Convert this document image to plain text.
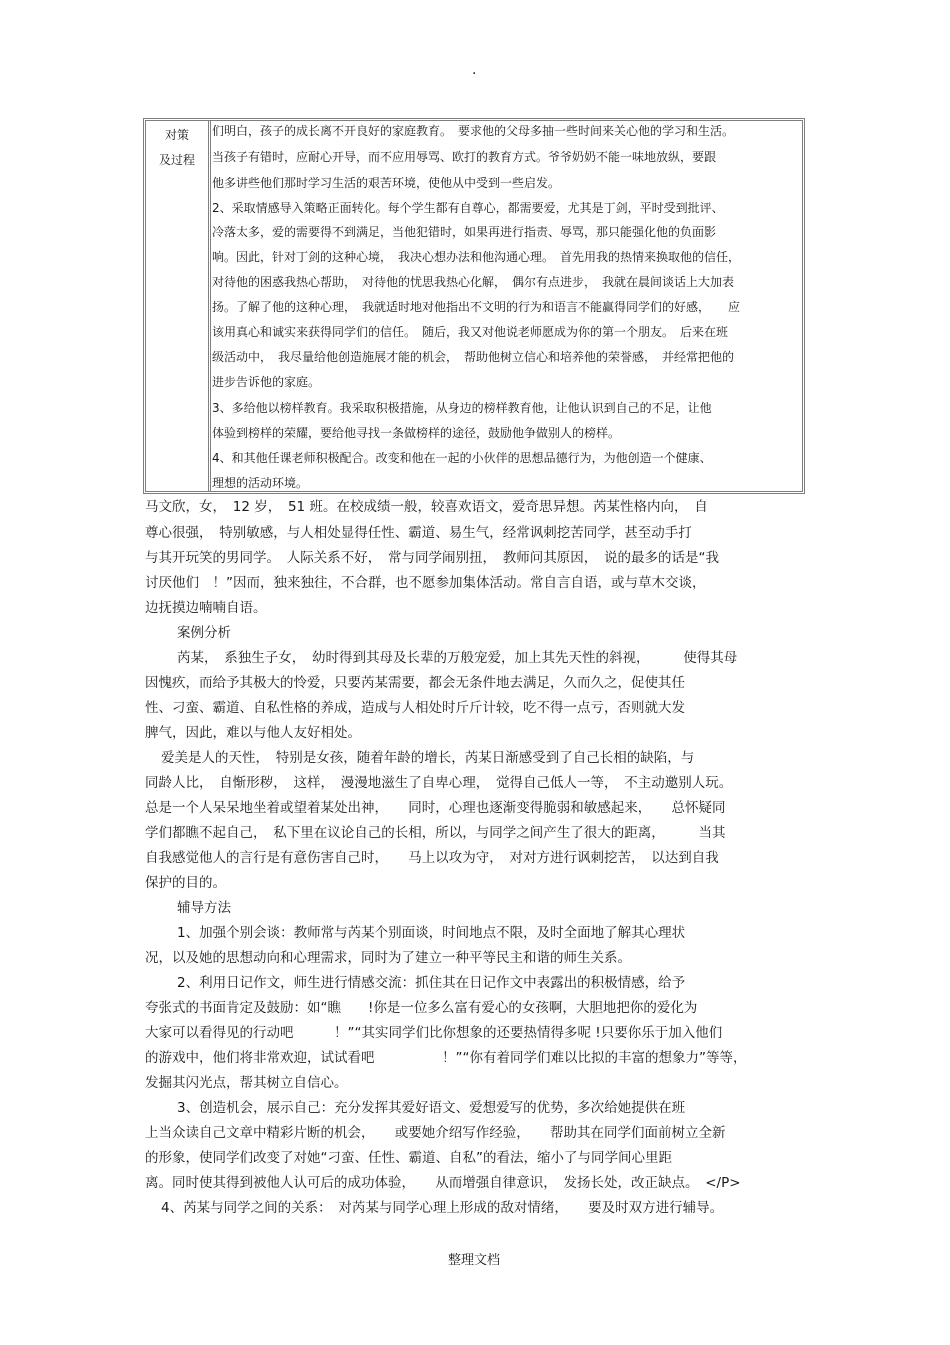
.
对策
及过程
们明白，孩子的成长离不开良好的家庭教育。　要求他的父母多抽一些时间来关心他的学习和生活。
当孩子有错时，应耐心开导，而不应用辱骂、欧打的教育方式。爷爷奶奶不能一味地放纵，要跟
他多讲些他们那时学习生活的艰苦环境，使他从中受到一些启发。
2、采取情感导入策略正面转化。每个学生都有自尊心，都需要爱，尤其是丁剑，平时受到批评、
冷落太多，爱的需要得不到满足，当他犯错时，如果再进行指责、辱骂，那只能强化他的负面影
响。因此，针对丁剑的这种心境，　我决心想办法和他沟通心理。　首先用我的热情来换取他的信任，
对待他的困惑我热心帮助，　对待他的忧思我热心化解，　偶尔有点进步，　我就在晨间谈话上大加表
扬。了解了他的这种心理，　我就适时地对他指出不文明的行为和语言不能赢得同学们的好感，　　应
该用真心和诚实来获得同学们的信任。　随后，我又对他说老师愿成为你的第一个朋友。　后来在班
级活动中，　我尽量给他创造施展才能的机会，　帮助他树立信心和培养他的荣誉感，　并经常把他的
进步告诉他的家庭。
3、多给他以榜样教育。我采取积极措施，从身边的榜样教育他，让他认识到自己的不足，让他
体验到榜样的荣耀，要给他寻找一条做榜样的途径，鼓励他争做别人的榜样。
4、和其他任课老师积极配合。改变和他在一起的小伙伴的思想品德行为，为他创造一个健康、
理想的活动环境。
马文欣，女，　12 岁，　51 班。在校成绩一般，较喜欢语文，爱奇思异想。芮某性格内向，　自
尊心很强，　特别敏感，与人相处显得任性、霸道、易生气，经常讽刺挖苦同学，甚至动手打
与其开玩笑的男同学。　人际关系不好，　常与同学闹别扭，　教师问其原因，　说的最多的话是“我
讨厌他们　！”因而，独来独往，不合群，也不愿参加集体活动。常自言自语，或与草木交谈，
边抚摸边喃喃自语。
案例分析
芮某，　系独生子女，　幼时得到其母及长辈的万般宠爱，加上其先天性的斜视，　　　使得其母
因愧疚，而给予其极大的怜爱，只要芮某需要，都会无条件地去满足，久而久之，促使其任
性、刁蛮、霸道、自私性格的养成，造成与人相处时斤斤计较，吃不得一点亏，否则就大发
脾气，因此，难以与他人友好相处。
爱美是人的天性，　特别是女孩，随着年龄的增长，芮某日渐感受到了自己长相的缺陷，与
同龄人比，　自惭形秽，　这样，　漫漫地滋生了自卑心理，　觉得自己低人一等，　不主动邀别人玩。
总是一个人呆呆地坐着或望着某处出神，　　同时，心理也逐渐变得脆弱和敏感起来，　　总怀疑同
学们都瞧不起自己，　私下里在议论自己的长相，所以，与同学之间产生了很大的距离，　　　当其
自我感觉他人的言行是有意伤害自己时，　　马上以攻为守，　对对方进行讽刺挖苦，　以达到自我
保护的目的。
辅导方法
1、加强个别会谈：教师常与芮某个别面谈，时间地点不限，及时全面地了解其心理状
况，以及她的思想动向和心理需求，同时为了建立一种平等民主和谐的师生关系。
2、利用日记作文，师生进行情感交流：抓住其在日记作文中表露出的积极情感，给予
夸张式的书面肯定及鼓励：如“瞧　　!你是一位多么富有爱心的女孩啊，大胆地把你的爱化为
大家可以看得见的行动吧　　　！”“其实同学们比你想象的还要热情得多呢 !只要你乐于加入他们
的游戏中，他们将非常欢迎，试试看吧　　　　　！”“你有着同学们难以比拟的丰富的想象力”等等，
发掘其闪光点，帮其树立自信心。
3、创造机会，展示自己：充分发挥其爱好语文、爱想爱写的优势，多次给她提供在班
上当众读自己文章中精彩片断的机会，　　或要她介绍写作经验，　　帮助其在同学们面前树立全新
的形象，使同学们改变了对她“刁蛮、任性、霸道、自私”的看法，缩小了与同学间心里距
离。同时使其得到被他人认可后的成功体验，　　从而增强自律意识，　发扬长处，改正缺点。　</P>
4、芮某与同学之间的关系：　对芮某与同学心理上形成的敌对情绪，　　要及时双方进行辅导。
整理文档
